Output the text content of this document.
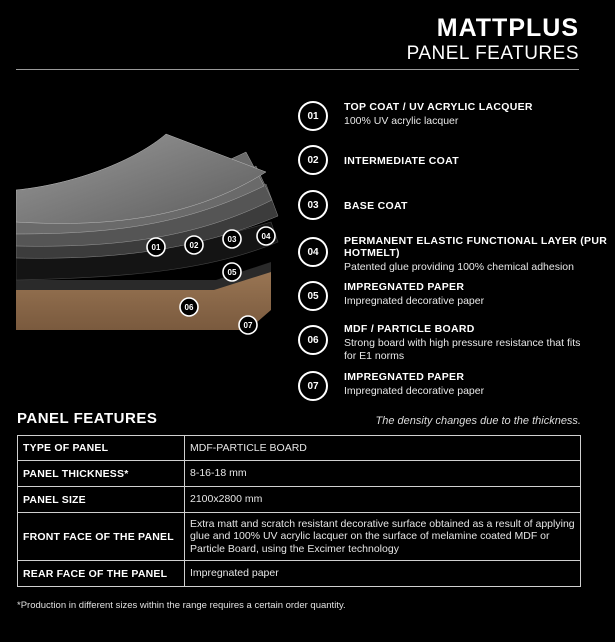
MATTPLUS
PANEL FEATURES
01	02
03	04
05
06
07
01
TOP COAT / UV ACRYLIC LACQUER
100% UV acrylic lacquer
02	INTERMEDIATE COAT
03	BASE COAT
04
PERMANENT ELASTIC FUNCTIONAL LAYER (PUR HOTMELT)
Patented glue providing 100% chemical adhesion
05
IMPREGNATED PAPER
Impregnated decorative paper
06
MDF / PARTICLE BOARD
Strong board with high pressure resistance that fits for E1 norms
07
IMPREGNATED PAPER
Impregnated decorative paper
PANEL FEATURES	The density changes due to the thickness.
TYPE OF PANEL	MDF-PARTICLE BOARD
PANEL THICKNESS*	8-16-18 mm
PANEL SIZE	2100x2800 mm
FRONT FACE OF THE PANEL	Extra matt and scratch resistant decorative surface obtained as a result of applying glue and 100% UV acrylic lacquer on the surface of melamine coated MDF or Particle Board, using the Excimer technology
REAR FACE OF THE PANEL	Impregnated paper
*Production in different sizes within the range requires a certain order quantity.
